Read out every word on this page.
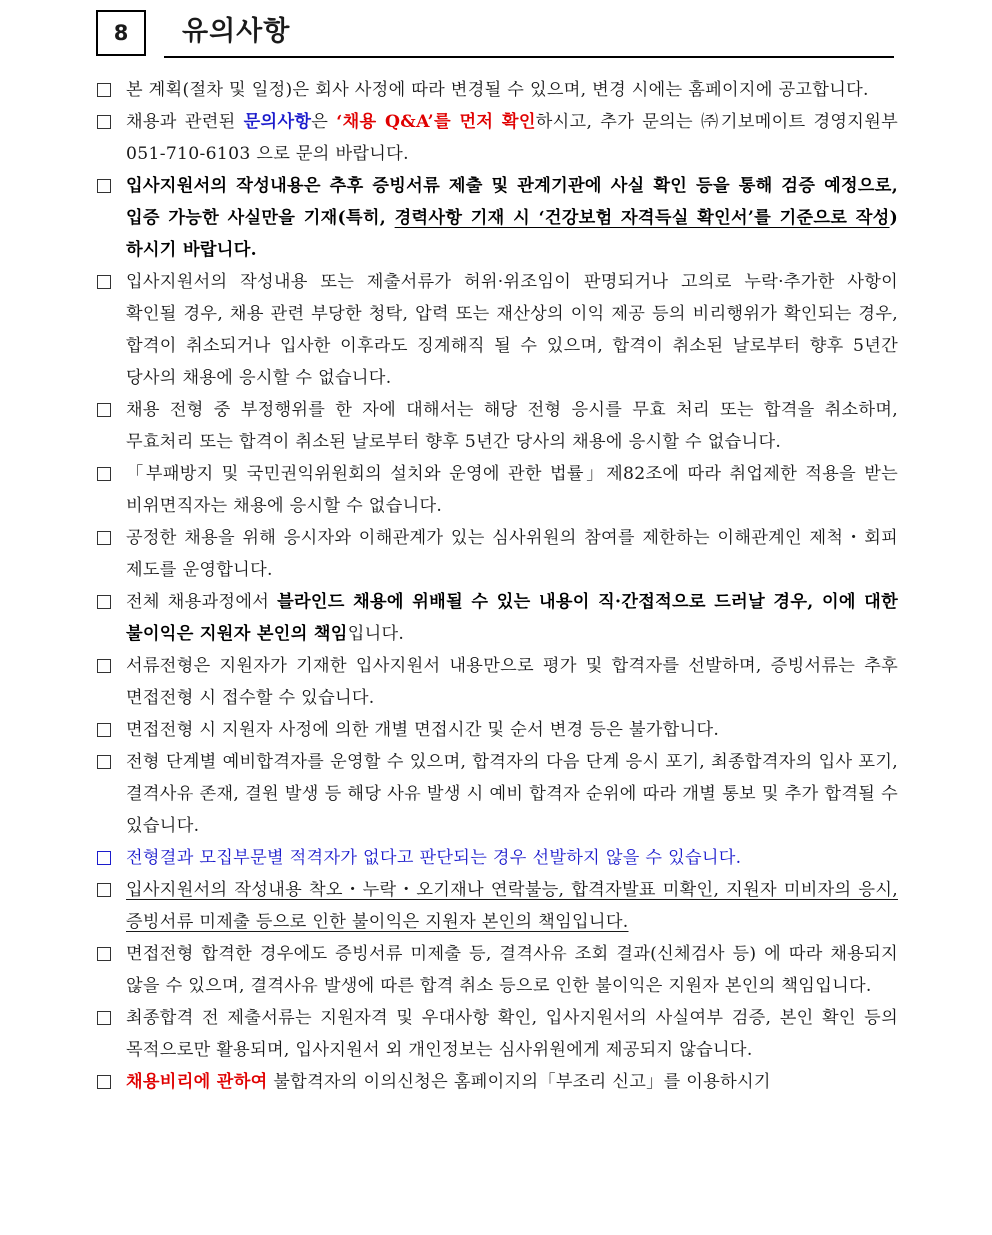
8	유의사항
본 계획(절차 및 일정)은 회사 사정에 따라 변경될 수 있으며, 변경 시에는 홈페이지에 공고합니다.
채용과 관련된 문의사항은 ‘채용 Q&A’를 먼저 확인하시고, 추가 문의는 ㈜기보메이트 경영지원부 051-710-6103 으로 문의 바랍니다.
입사지원서의 작성내용은 추후 증빙서류 제출 및 관계기관에 사실 확인 등을 통해 검증 예정으로, 입증 가능한 사실만을 기재(특히, 경력사항 기재 시 ‘건강보험 자격득실 확인서’를 기준으로 작성)하시기 바랍니다.
입사지원서의 작성내용 또는 제출서류가 허위·위조임이 판명되거나 고의로 누락·추가한 사항이 확인될 경우, 채용 관련 부당한 청탁, 압력 또는 재산상의 이익 제공 등의 비리행위가 확인되는 경우, 합격이 취소되거나 입사한 이후라도 징계해직 될 수 있으며, 합격이 취소된 날로부터 향후 5년간 당사의 채용에 응시할 수 없습니다.
채용 전형 중 부정행위를 한 자에 대해서는 해당 전형 응시를 무효 처리 또는 합격을 취소하며, 무효처리 또는 합격이 취소된 날로부터 향후 5년간 당사의 채용에 응시할 수 없습니다.
「부패방지 및 국민권익위원회의 설치와 운영에 관한 법률」제82조에 따라 취업제한 적용을 받는 비위면직자는 채용에 응시할 수 없습니다.
공정한 채용을 위해 응시자와 이해관계가 있는 심사위원의 참여를 제한하는 이해관계인 제척・회피 제도를 운영합니다.
전체 채용과정에서 블라인드 채용에 위배될 수 있는 내용이 직·간접적으로 드러날 경우, 이에 대한 불이익은 지원자 본인의 책임입니다.
서류전형은 지원자가 기재한 입사지원서 내용만으로 평가 및 합격자를 선발하며, 증빙서류는 추후 면접전형 시 접수할 수 있습니다.
면접전형 시 지원자 사정에 의한 개별 면접시간 및 순서 변경 등은 불가합니다.
전형 단계별 예비합격자를 운영할 수 있으며, 합격자의 다음 단계 응시 포기, 최종합격자의 입사 포기, 결격사유 존재, 결원 발생 등 해당 사유 발생 시 예비 합격자 순위에 따라 개별 통보 및 추가 합격될 수 있습니다.
전형결과 모집부문별 적격자가 없다고 판단되는 경우 선발하지 않을 수 있습니다.
입사지원서의 작성내용 착오・누락・오기재나 연락불능, 합격자발표 미확인, 지원자 미비자의 응시, 증빙서류 미제출 등으로 인한 불이익은 지원자 본인의 책임입니다.
면접전형 합격한 경우에도 증빙서류 미제출 등, 결격사유 조회 결과(신체검사 등) 에 따라 채용되지 않을 수 있으며, 결격사유 발생에 따른 합격 취소 등으로 인한 불이익은 지원자 본인의 책임입니다.
최종합격 전 제출서류는 지원자격 및 우대사항 확인, 입사지원서의 사실여부 검증, 본인 확인 등의 목적으로만 활용되며, 입사지원서 외 개인정보는 심사위원에게 제공되지 않습니다.
채용비리에 관하여 불합격자의 이의신청은 홈페이지의「부조리 신고」를 이용하시기
